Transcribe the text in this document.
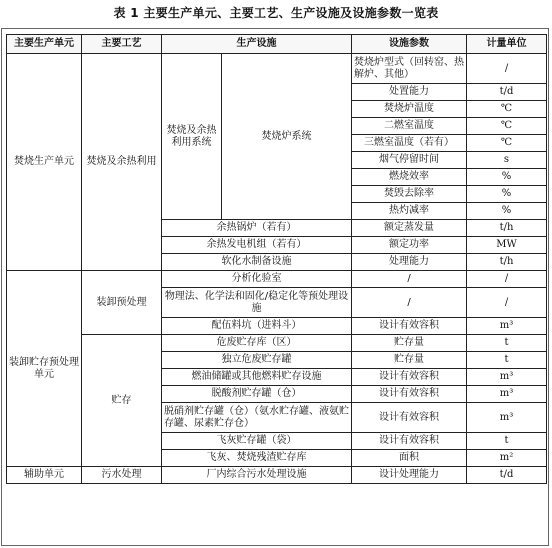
表 1 主要生产单元、主要工艺、生产设施及设施参数一览表
主要生产单元	主要工艺	生产设施		设施参数	计量单位
焚烧生产单元	焚烧及余热利用	焚烧及余热利用系统	焚烧炉系统	焚烧炉型式（回转窑、热解炉、其他）	/
				处置能力	t/d
				焚烧炉温度	℃
				二燃室温度	℃
				三燃室温度（若有）	℃
				烟气停留时间	s
				燃烧效率	%
				焚毁去除率	%
				热灼减率	%
		余热锅炉（若有）		额定蒸发量	t/h
		余热发电机组（若有）		额定功率	MW
		软化水制备设施		处理能力	t/h
装卸贮存预处理单元	装卸预处理	分析化验室		/	/
		物理法、化学法和固化/稳定化等预处理设施		/	/
		配伍料坑（进料斗）		设计有效容积	m³
	贮存	危废贮存库（区）		贮存量	t
		独立危废贮存罐		贮存量	t
		燃油储罐或其他燃料贮存设施		设计有效容积	m³
		脱酸剂贮存罐（仓）		设计有效容积	m³
		脱硝剂贮存罐（仓）（氨水贮存罐、液氨贮存罐、尿素贮存仓）		设计有效容积	m³
		飞灰贮存罐（袋）		设计有效容积	t
		飞灰、焚烧残渣贮存库		面积	m²
辅助单元	污水处理	厂内综合污水处理设施		设计处理能力	t/d
